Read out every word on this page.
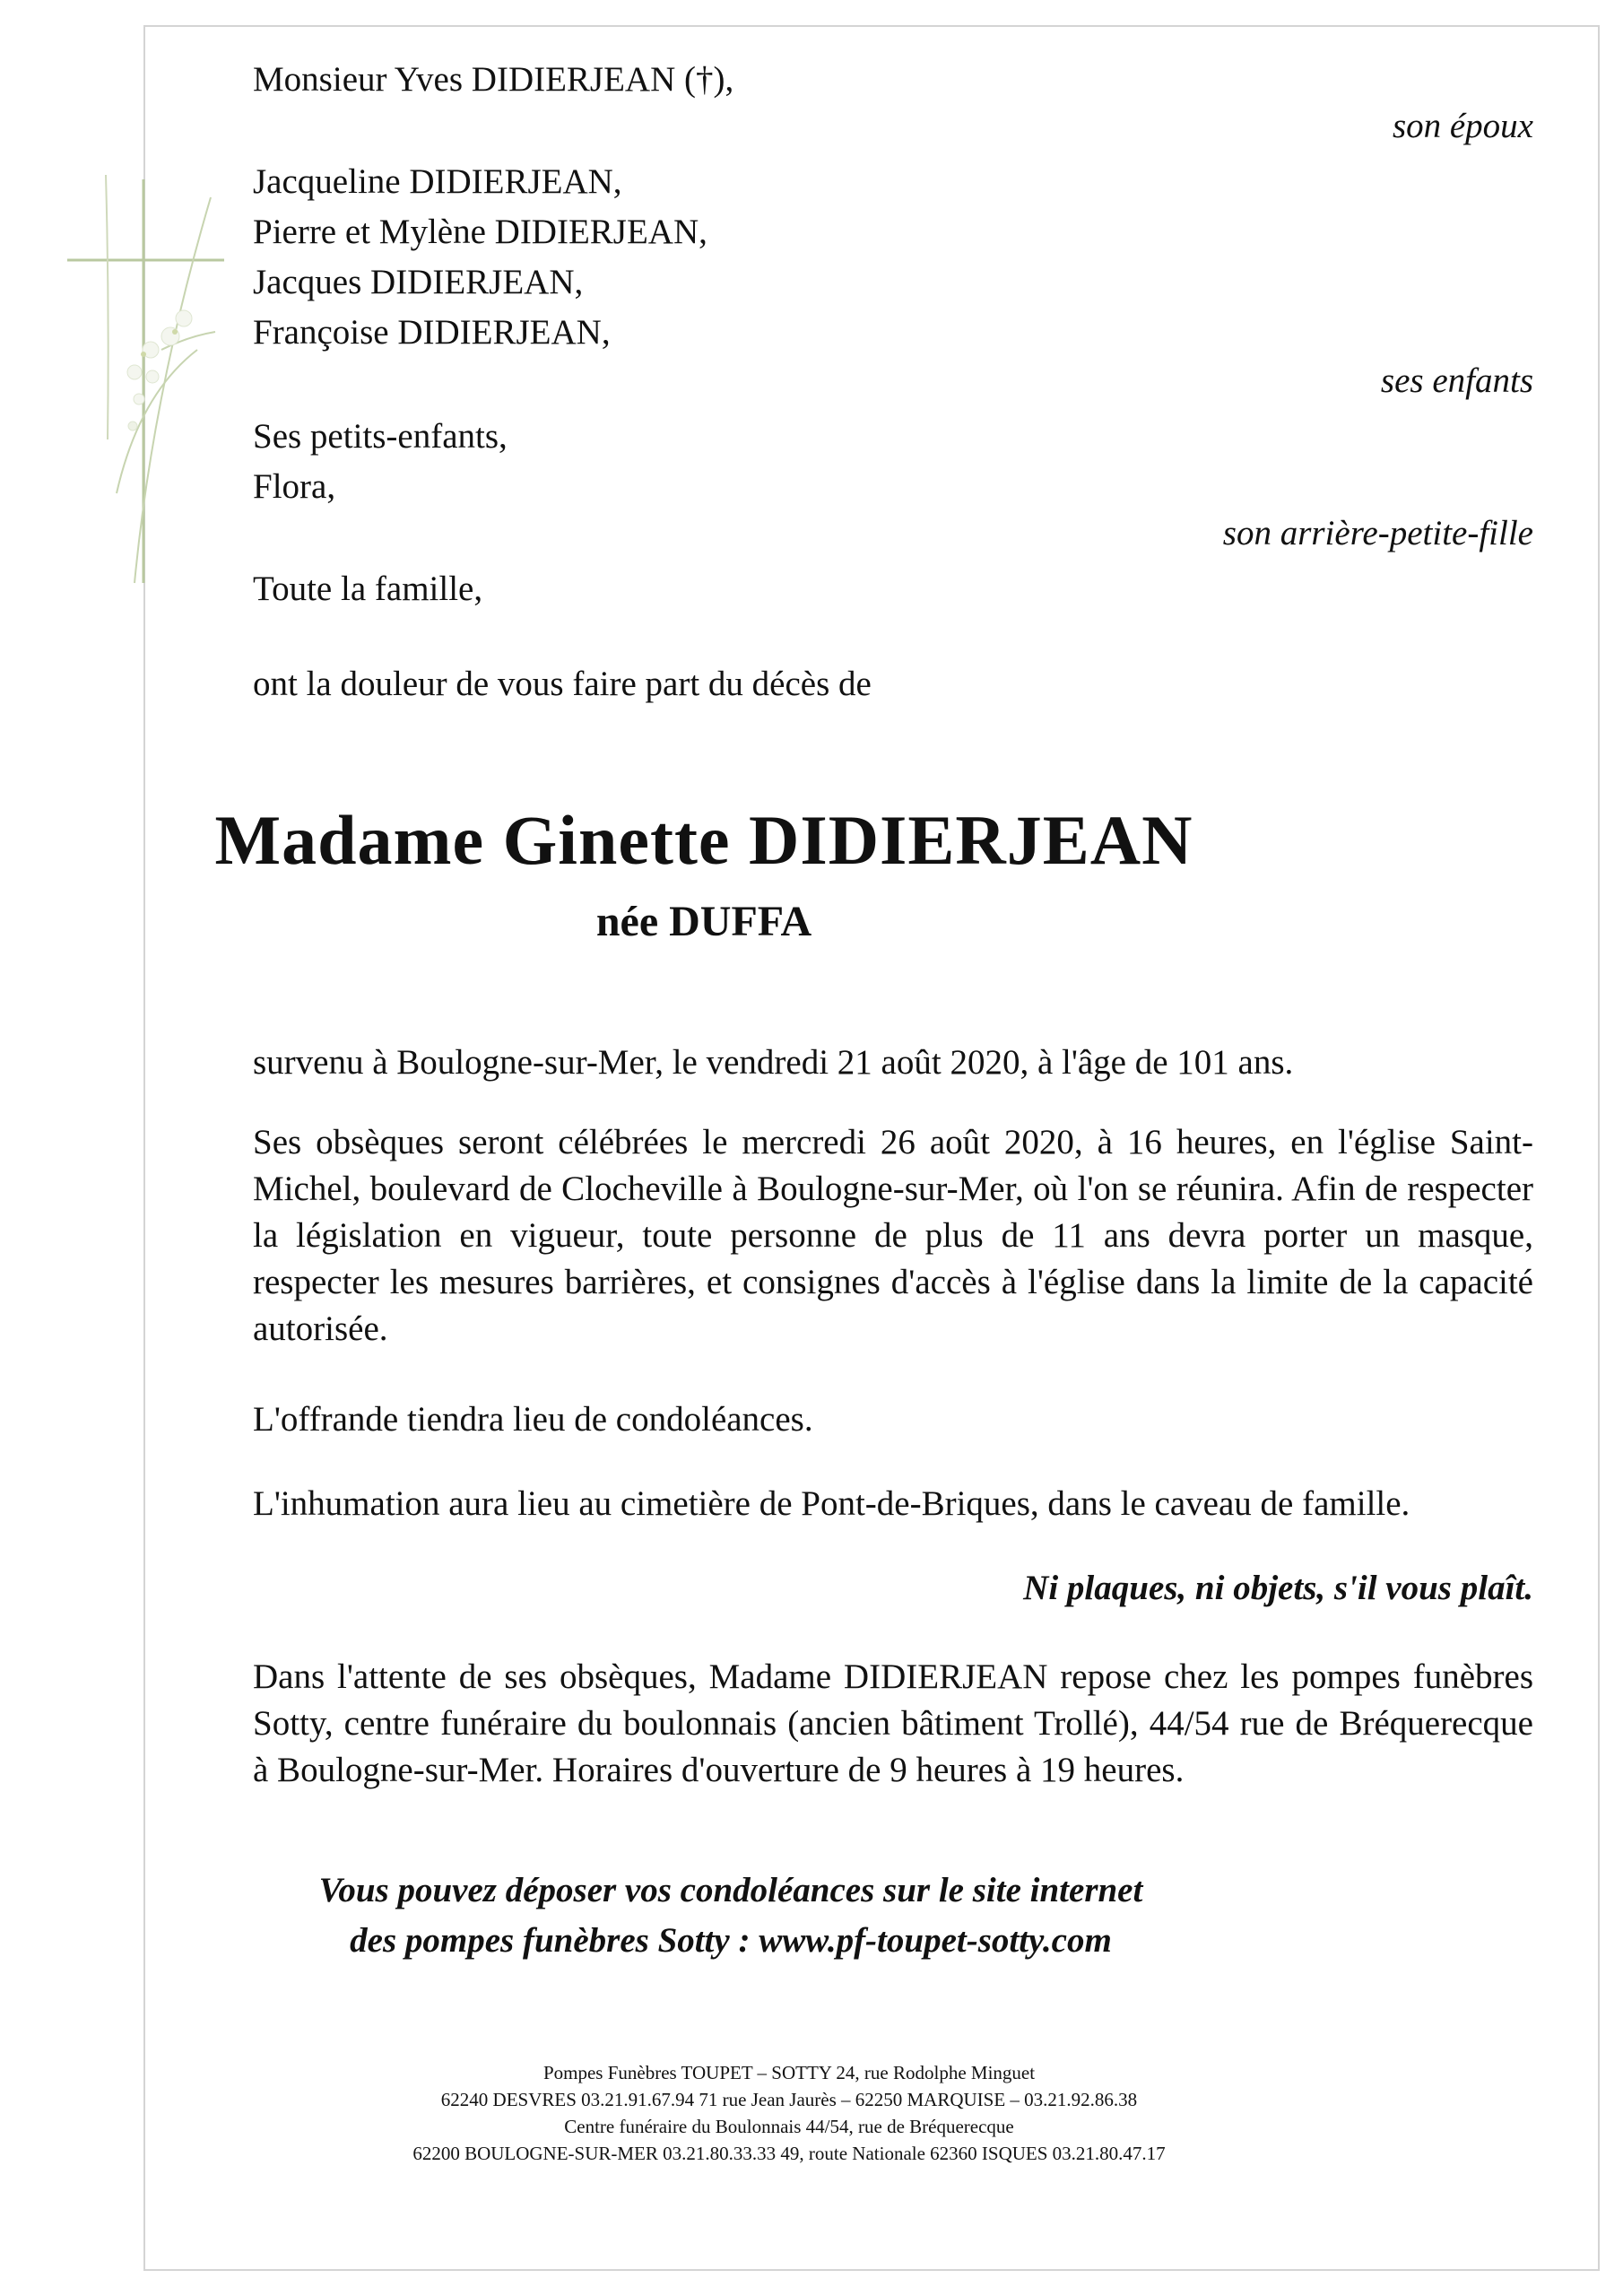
Monsieur Yves DIDIERJEAN (†),
son époux
Jacqueline DIDIERJEAN,
Pierre et Mylène DIDIERJEAN,
Jacques DIDIERJEAN,
Françoise DIDIERJEAN,
ses enfants
Ses petits-enfants,
Flora,
son arrière-petite-fille
Toute la famille,
ont la douleur de vous faire part du décès de
Madame Ginette DIDIERJEAN
née DUFFA
survenu à Boulogne-sur-Mer, le vendredi 21 août 2020, à l'âge de 101 ans.
Ses obsèques seront célébrées le mercredi 26 août 2020, à 16 heures, en l'église Saint-Michel, boulevard de Clocheville à Boulogne-sur-Mer, où l'on se réunira. Afin de respecter la législation en vigueur, toute personne de plus de 11 ans devra porter un masque, respecter les mesures barrières, et consignes d'accès à l'église dans la limite de la capacité autorisée.
L'offrande tiendra lieu de condoléances.
L'inhumation aura lieu au cimetière de Pont-de-Briques, dans le caveau de famille.
Ni plaques, ni objets, s'il vous plaît.
Dans l'attente de ses obsèques, Madame DIDIERJEAN repose chez les pompes funèbres Sotty, centre funéraire du boulonnais (ancien bâtiment Trollé), 44/54 rue de Bréquerecque à Boulogne-sur-Mer. Horaires d'ouverture de 9 heures à 19 heures.
Vous pouvez déposer vos condoléances sur le site internet
des pompes funèbres Sotty : www.pf-toupet-sotty.com
Pompes Funèbres TOUPET – SOTTY 24, rue Rodolphe Minguet
62240 DESVRES 03.21.91.67.94 71 rue Jean Jaurès – 62250 MARQUISE – 03.21.92.86.38
Centre funéraire du Boulonnais 44/54, rue de Bréquerecque
62200 BOULOGNE-SUR-MER 03.21.80.33.33 49, route Nationale 62360 ISQUES 03.21.80.47.17
